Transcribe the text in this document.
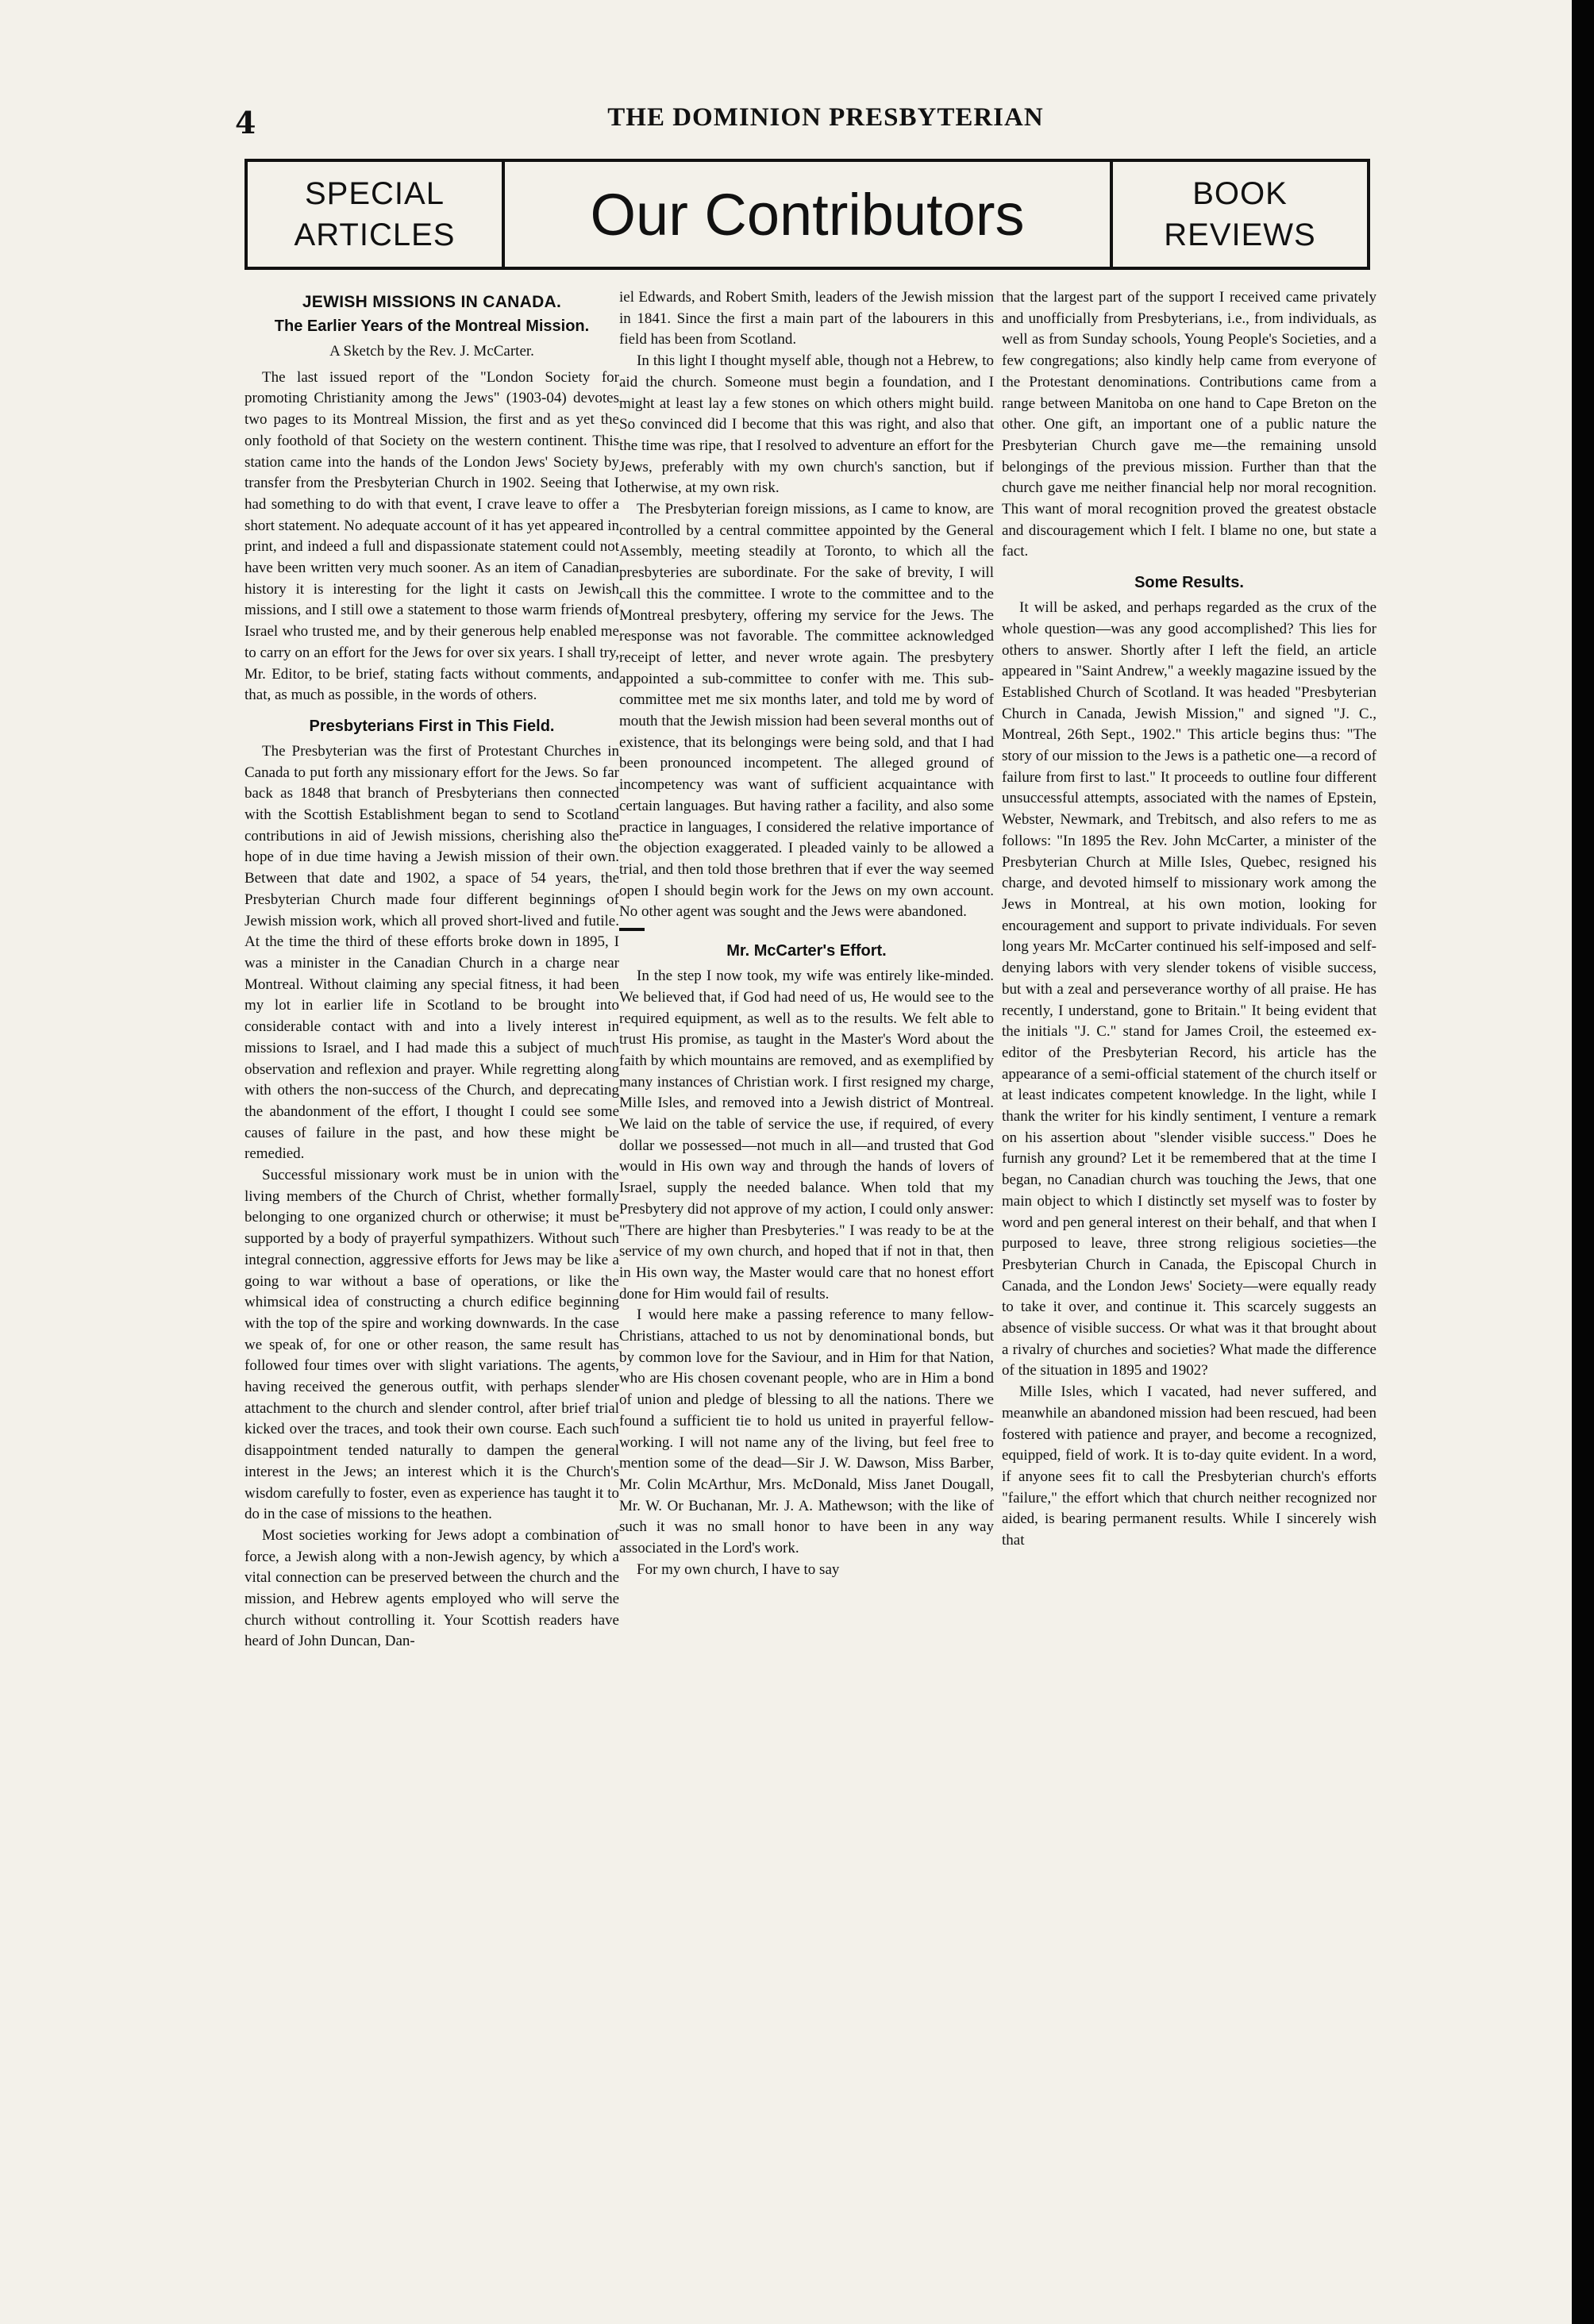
4	THE DOMINION PRESBYTERIAN
SPECIAL
ARTICLES	Our Contributors	BOOK
REVIEWS
JEWISH MISSIONS IN CANADA.
The Earlier Years of the Montreal Mission.

A Sketch by the Rev. J. McCarter.

The last issued report of the "London Society for promoting Christianity among the Jews" (1903-04) devotes two pages to its Montreal Mission, the first and as yet the only foothold of that Society on the western continent. This station came into the hands of the London Jews' Society by transfer from the Presbyterian Church in 1902. Seeing that I had something to do with that event, I crave leave to offer a short statement. No adequate account of it has yet appeared in print, and indeed a full and dispassionate statement could not have been written very much sooner. As an item of Canadian history it is interesting for the light it casts on Jewish missions, and I still owe a statement to those warm friends of Israel who trusted me, and by their generous help enabled me to carry on an effort for the Jews for over six years. I shall try, Mr. Editor, to be brief, stating facts without comments, and that, as much as possible, in the words of others.

Presbyterians First in This Field.

The Presbyterian was the first of Protestant Churches in Canada to put forth any missionary effort for the Jews. So far back as 1848 that branch of Presbyterians then connected with the Scottish Establishment began to send to Scotland contributions in aid of Jewish missions, cherishing also the hope of in due time having a Jewish mission of their own. Between that date and 1902, a space of 54 years, the Presbyterian Church made four different beginnings of Jewish mission work, which all proved short-lived and futile. At the time the third of these efforts broke down in 1895, I was a minister in the Canadian Church in a charge near Montreal. Without claiming any special fitness, it had been my lot in earlier life in Scotland to be brought into considerable contact with and into a lively interest in missions to Israel, and I had made this a subject of much observation and reflexion and prayer. While regretting along with others the non-success of the Church, and deprecating the abandonment of the effort, I thought I could see some causes of failure in the past, and how these might be remedied.

Successful missionary work must be in union with the living members of the Church of Christ, whether formally belonging to one organized church or otherwise; it must be supported by a body of prayerful sympathizers. Without such integral connection, aggressive efforts for Jews may be like a going to war without a base of operations, or like the whimsical idea of constructing a church edifice beginning with the top of the spire and working downwards. In the case we speak of, for one or other reason, the same result has followed four times over with slight variations. The agents, having received the generous outfit, with perhaps slender attachment to the church and slender control, after brief trial kicked over the traces, and took their own course. Each such disappointment tended naturally to dampen the general interest in the Jews; an interest which it is the Church's wisdom carefully to foster, even as experience has taught it to do in the case of missions to the heathen.

Most societies working for Jews adopt a combination of force, a Jewish along with a non-Jewish agency, by which a vital connection can be preserved between the church and the mission, and Hebrew agents employed who will serve the church without controlling it. Your Scottish readers have heard of John Duncan, Dan-

iel Edwards, and Robert Smith, leaders of the Jewish mission in 1841. Since the first a main part of the labourers in this field has been from Scotland.

In this light I thought myself able, though not a Hebrew, to aid the church. Someone must begin a foundation, and I might at least lay a few stones on which others might build. So convinced did I become that this was right, and also that the time was ripe, that I resolved to adventure an effort for the Jews, preferably with my own church's sanction, but if otherwise, at my own risk.

The Presbyterian foreign missions, as I came to know, are controlled by a central committee appointed by the General Assembly, meeting steadily at Toronto, to which all the presbyteries are subordinate. For the sake of brevity, I will call this the committee. I wrote to the committee and to the Montreal presbytery, offering my service for the Jews. The response was not favorable. The committee acknowledged receipt of letter, and never wrote again. The presbytery appointed a sub-committee to confer with me. This sub-committee met me six months later, and told me by word of mouth that the Jewish mission had been several months out of existence, that its belongings were being sold, and that I had been pronounced incompetent. The alleged ground of incompetency was want of sufficient acquaintance with certain languages. But having rather a facility, and also some practice in languages, I considered the relative importance of the objection exaggerated. I pleaded vainly to be allowed a trial, and then told those brethren that if ever the way seemed open I should begin work for the Jews on my own account. No other agent was sought and the Jews were abandoned.

Mr. McCarter's Effort.

In the step I now took, my wife was entirely like-minded. We believed that, if God had need of us, He would see to the required equipment, as well as to the results. We felt able to trust His promise, as taught in the Master's Word about the faith by which mountains are removed, and as exemplified by many instances of Christian work. I first resigned my charge, Mille Isles, and removed into a Jewish district of Montreal. We laid on the table of service the use, if required, of every dollar we possessed—not much in all—and trusted that God would in His own way and through the hands of lovers of Israel, supply the needed balance. When told that my Presbytery did not approve of my action, I could only answer: "There are higher than Presbyteries." I was ready to be at the service of my own church, and hoped that if not in that, then in His own way, the Master would care that no honest effort done for Him would fail of results.

I would here make a passing reference to many fellow-Christians, attached to us not by denominational bonds, but by common love for the Saviour, and in Him for that Nation, who are His chosen covenant people, who are in Him a bond of union and pledge of blessing to all the nations. There we found a sufficient tie to hold us united in prayerful fellow-working. I will not name any of the living, but feel free to mention some of the dead—Sir J. W. Dawson, Miss Barber, Mr. Colin McArthur, Mrs. McDonald, Miss Janet Dougall, Mr. W. Or Buchanan, Mr. J. A. Mathewson; with the like of such it was no small honor to have been in any way associated in the Lord's work.

For my own church, I have to say

that the largest part of the support I received came privately and unofficially from Presbyterians, i.e., from individuals, as well as from Sunday schools, Young People's Societies, and a few congregations; also kindly help came from everyone of the Protestant denominations. Contributions came from a range between Manitoba on one hand to Cape Breton on the other. One gift, an important one of a public nature the Presbyterian Church gave me—the remaining unsold belongings of the previous mission. Further than that the church gave me neither financial help nor moral recognition. This want of moral recognition proved the greatest obstacle and discouragement which I felt. I blame no one, but state a fact.

Some Results.

It will be asked, and perhaps regarded as the crux of the whole question—was any good accomplished? This lies for others to answer. Shortly after I left the field, an article appeared in "Saint Andrew," a weekly magazine issued by the Established Church of Scotland. It was headed "Presbyterian Church in Canada, Jewish Mission," and signed "J. C., Montreal, 26th Sept., 1902." This article begins thus: "The story of our mission to the Jews is a pathetic one—a record of failure from first to last." It proceeds to outline four different unsuccessful attempts, associated with the names of Epstein, Webster, Newmark, and Trebitsch, and also refers to me as follows: "In 1895 the Rev. John McCarter, a minister of the Presbyterian Church at Mille Isles, Quebec, resigned his charge, and devoted himself to missionary work among the Jews in Montreal, at his own motion, looking for encouragement and support to private individuals. For seven long years Mr. McCarter continued his self-imposed and self-denying labors with very slender tokens of visible success, but with a zeal and perseverance worthy of all praise. He has recently, I understand, gone to Britain." It being evident that the initials "J. C." stand for James Croil, the esteemed ex-editor of the Presbyterian Record, his article has the appearance of a semi-official statement of the church itself or at least indicates competent knowledge. In the light, while I thank the writer for his kindly sentiment, I venture a remark on his assertion about "slender visible success." Does he furnish any ground? Let it be remembered that at the time I began, no Canadian church was touching the Jews, that one main object to which I distinctly set myself was to foster by word and pen general interest on their behalf, and that when I purposed to leave, three strong religious societies—the Presbyterian Church in Canada, the Episcopal Church in Canada, and the London Jews' Society—were equally ready to take it over, and continue it. This scarcely suggests an absence of visible success. Or what was it that brought about a rivalry of churches and societies? What made the difference of the situation in 1895 and 1902?

Mille Isles, which I vacated, had never suffered, and meanwhile an abandoned mission had been rescued, had been fostered with patience and prayer, and become a recognized, equipped, field of work. It is to-day quite evident. In a word, if anyone sees fit to call the Presbyterian church's efforts "failure," the effort which that church neither recognized nor aided, is bearing permanent results. While I sincerely wish that
